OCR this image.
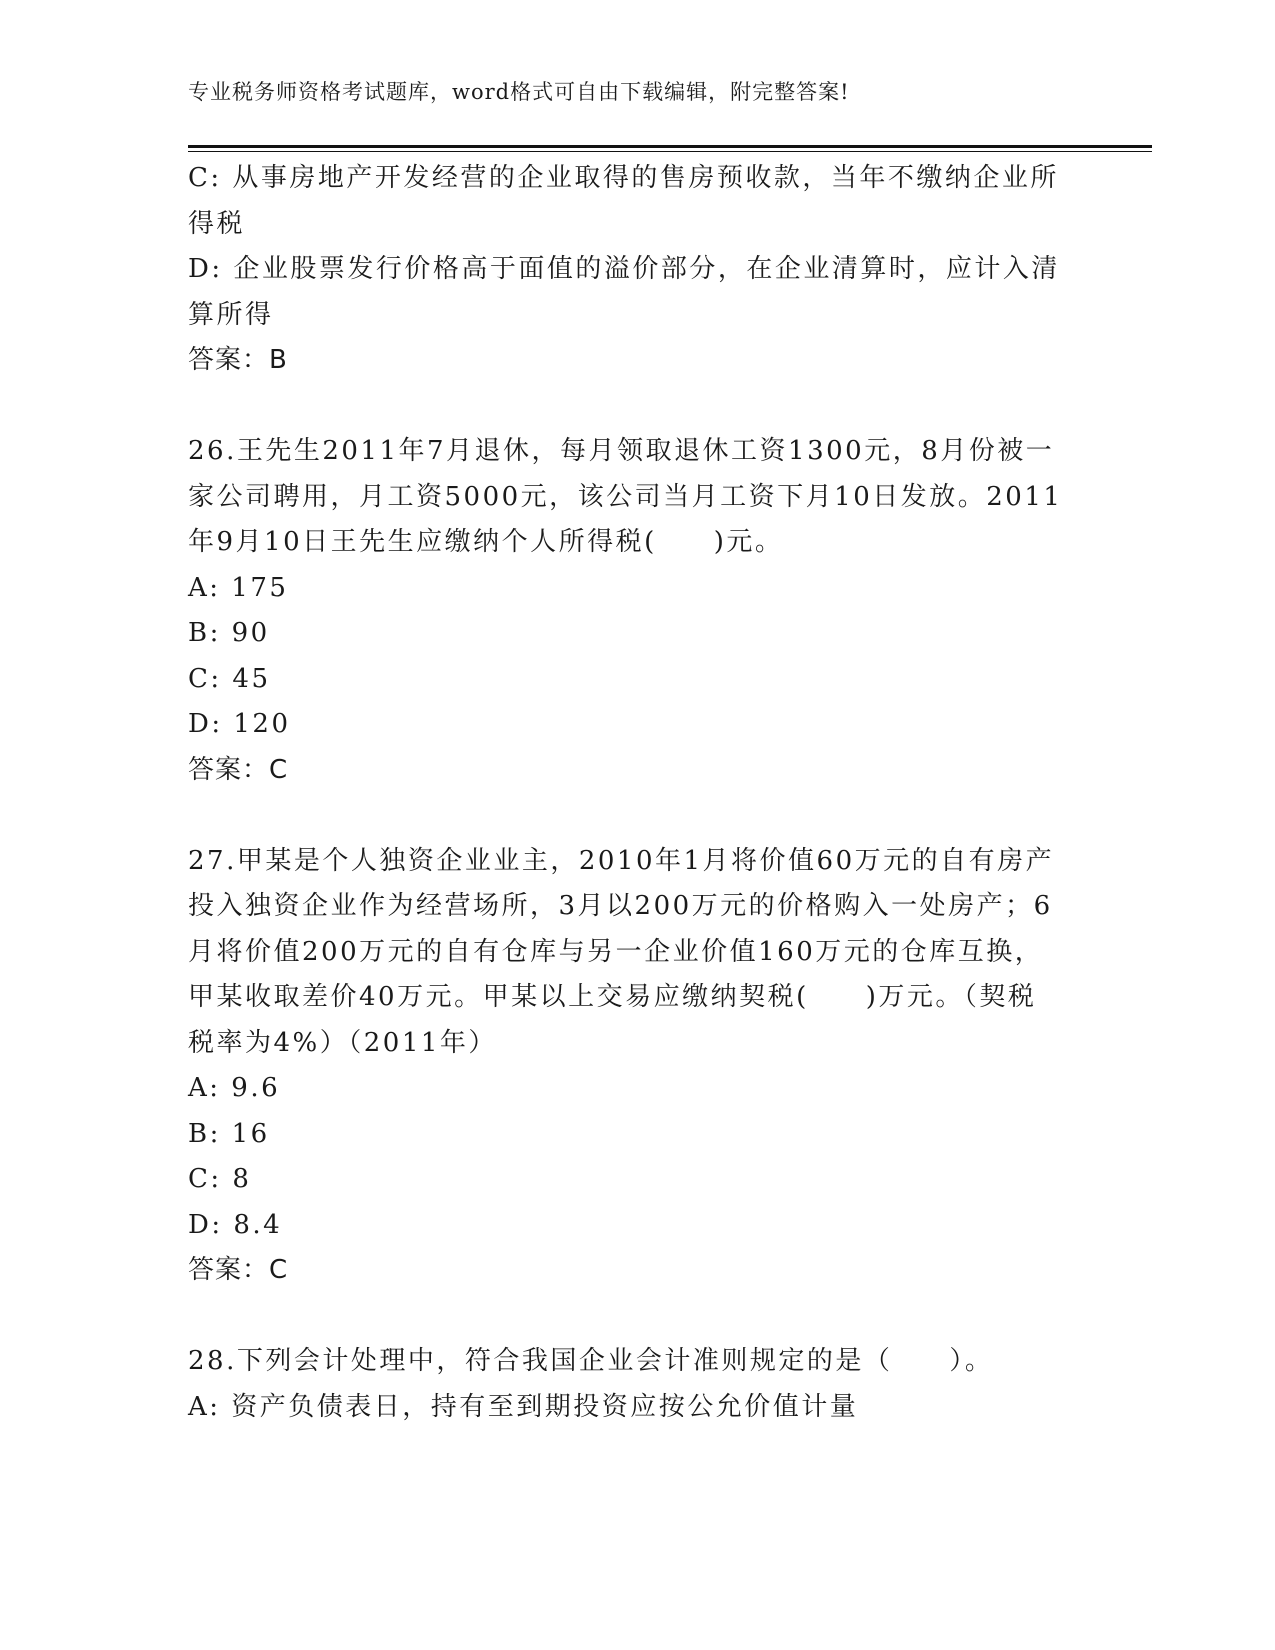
专业税务师资格考试题库，word格式可自由下载编辑，附完整答案!
C: 从事房地产开发经营的企业取得的售房预收款，当年不缴纳企业所
得税
D: 企业股票发行价格高于面值的溢价部分，在企业清算时，应计入清
算所得
答案：B
26.王先生2011年7月退休，每月领取退休工资1300元，8月份被一
家公司聘用，月工资5000元，该公司当月工资下月10日发放。2011
年9月10日王先生应缴纳个人所得税(　　)元。
A: 175
B: 90
C: 45
D: 120
答案：C
27.甲某是个人独资企业业主，2010年1月将价值60万元的自有房产
投入独资企业作为经营场所，3月以200万元的价格购入一处房产；6
月将价值200万元的自有仓库与另一企业价值160万元的仓库互换，
甲某收取差价40万元。甲某以上交易应缴纳契税(　　)万元。（契税
税率为4%）（2011年）
A: 9.6
B: 16
C: 8
D: 8.4
答案：C
28.下列会计处理中，符合我国企业会计准则规定的是（　　）。
A: 资产负债表日，持有至到期投资应按公允价值计量
